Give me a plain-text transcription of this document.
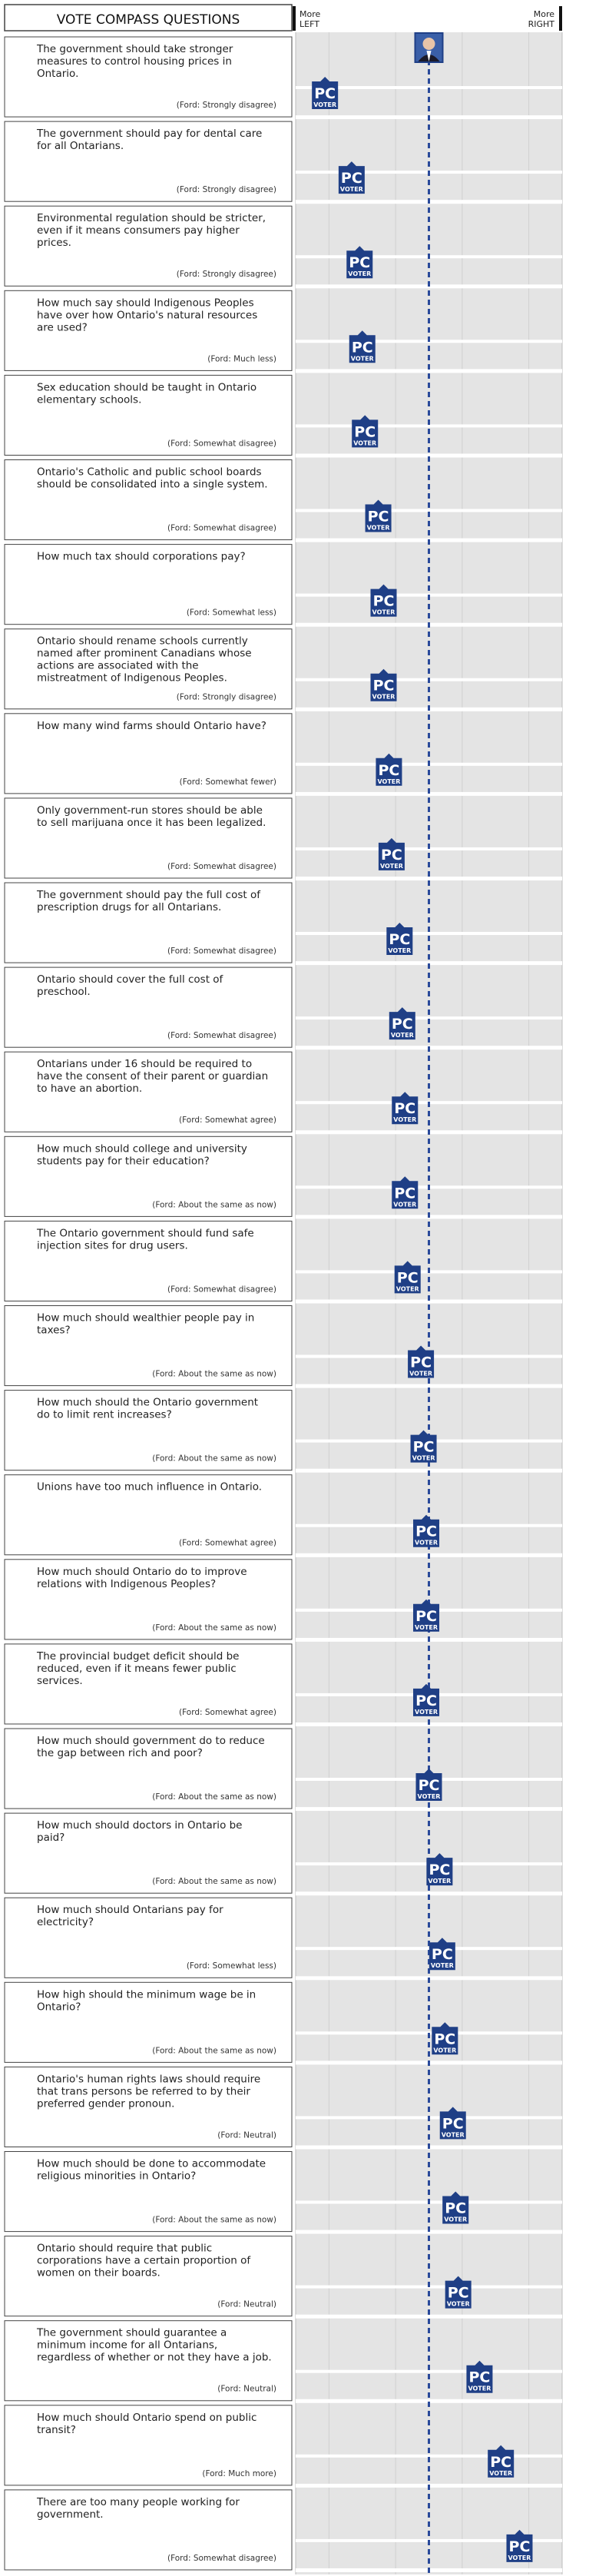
VOTE COMPASS QUESTIONS	More
LEFT
More
RIGHT
The government should take stronger
measures to control housing prices in
Ontario.
(Ford: Strongly disagree)
The government should pay for dental care
for all Ontarians.
(Ford: Strongly disagree)
Environmental regulation should be stricter,
even if it means consumers pay higher
prices.
(Ford: Strongly disagree)
How much say should Indigenous Peoples
have over how Ontario's natural resources
are used?
(Ford: Much less)
Sex education should be taught in Ontario
elementary schools.
(Ford: Somewhat disagree)
Ontario's Catholic and public school boards
should be consolidated into a single system.
(Ford: Somewhat disagree)
How much tax should corporations pay?
(Ford: Somewhat less)
Ontario should rename schools currently
named after prominent Canadians whose
actions are associated with the
mistreatment of Indigenous Peoples.
(Ford: Strongly disagree)
How many wind farms should Ontario have?
(Ford: Somewhat fewer)
Only government-run stores should be able
to sell marijuana once it has been legalized.
(Ford: Somewhat disagree)
The government should pay the full cost of
prescription drugs for all Ontarians.
(Ford: Somewhat disagree)
Ontario should cover the full cost of
preschool.
(Ford: Somewhat disagree)
Ontarians under 16 should be required to
have the consent of their parent or guardian
to have an abortion.
(Ford: Somewhat agree)
How much should college and university
students pay for their education?
(Ford: About the same as now)
The Ontario government should fund safe
injection sites for drug users.
(Ford: Somewhat disagree)
How much should wealthier people pay in
taxes?
(Ford: About the same as now)
How much should the Ontario government
do to limit rent increases?
(Ford: About the same as now)
Unions have too much influence in Ontario.
(Ford: Somewhat agree)
How much should Ontario do to improve
relations with Indigenous Peoples?
(Ford: About the same as now)
The provincial budget deficit should be
reduced, even if it means fewer public
services.
(Ford: Somewhat agree)
How much should government do to reduce
the gap between rich and poor?
(Ford: About the same as now)
How much should doctors in Ontario be
paid?
(Ford: About the same as now)
How much should Ontarians pay for
electricity?
(Ford: Somewhat less)
How high should the minimum wage be in
Ontario?
(Ford: About the same as now)
Ontario's human rights laws should require
that trans persons be referred to by their
preferred gender pronoun.
(Ford: Neutral)
How much should be done to accommodate
religious minorities in Ontario?
(Ford: About the same as now)
Ontario should require that public
corporations have a certain proportion of
women on their boards.
(Ford: Neutral)
The government should guarantee a
minimum income for all Ontarians,
regardless of whether or not they have a job.
(Ford: Neutral)
How much should Ontario spend on public
transit?
(Ford: Much more)
There are too many people working for
government.
(Ford: Somewhat disagree)
PC
VOTER
PC
VOTER
PC
VOTER
PC
VOTER
PC
VOTER
PC
VOTER
PC
VOTER
PC
VOTER
PC
VOTER
PC
VOTER
PC
VOTER
PC
VOTER
PC
VOTER
PC
VOTER
PC
VOTER
PC
VOTER
PC
VOTER
PC
VOTER
PC
VOTER
PC
VOTER
PC
VOTER
PC
VOTER
PC
VOTER
PC
VOTER
PC
VOTER
PC
VOTER
PC
VOTER
PC
VOTER
PC
VOTER
PC
VOTER
